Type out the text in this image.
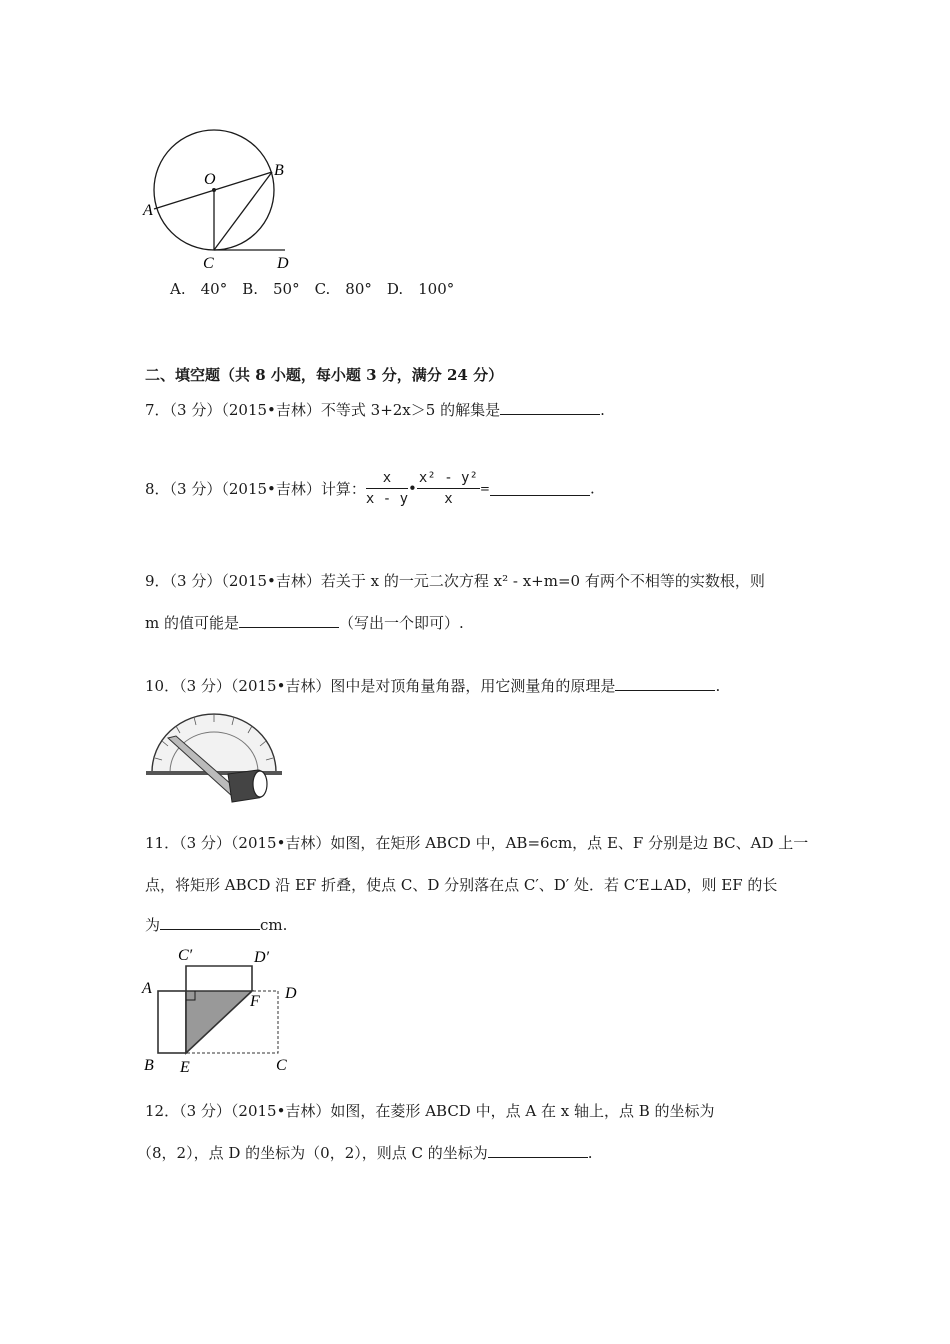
O
A
B
C	D
A.　40°　B.　50°　C.　80°　D.　100°
二、填空题（共 8 小题，每小题 3 分，满分 24 分）
7．（3 分）（2015•吉林）不等式 3+2x＞5 的解集是	.
8．（3 分）（2015•吉林）计算： $\frac{x}{x - y}$ • $\frac{\text{x² - y²}}{x}$ =	.
9．（3 分）（2015•吉林）若关于 x 的一元二次方程 x² - x+m=0 有两个不相等的实数根，则
m 的值可能是	（写出一个即可）.
10．（3 分）（2015•吉林）图中是对顶角量角器，用它测量角的原理是	.
11．（3 分）（2015•吉林）如图，在矩形 ABCD 中，AB=6cm，点 E、F 分别是边 BC、AD 上一
点，将矩形 ABCD 沿 EF 折叠，使点 C、D 分别落在点 C′、D′ 处．若 C′E⊥AD，则 EF 的长
为	cm.
C′	D′
A	D
F
B E	C
12．（3 分）（2015•吉林）如图，在菱形 ABCD 中，点 A 在 x 轴上，点 B 的坐标为
（8，2），点 D 的坐标为（0，2），则点 C 的坐标为	.
